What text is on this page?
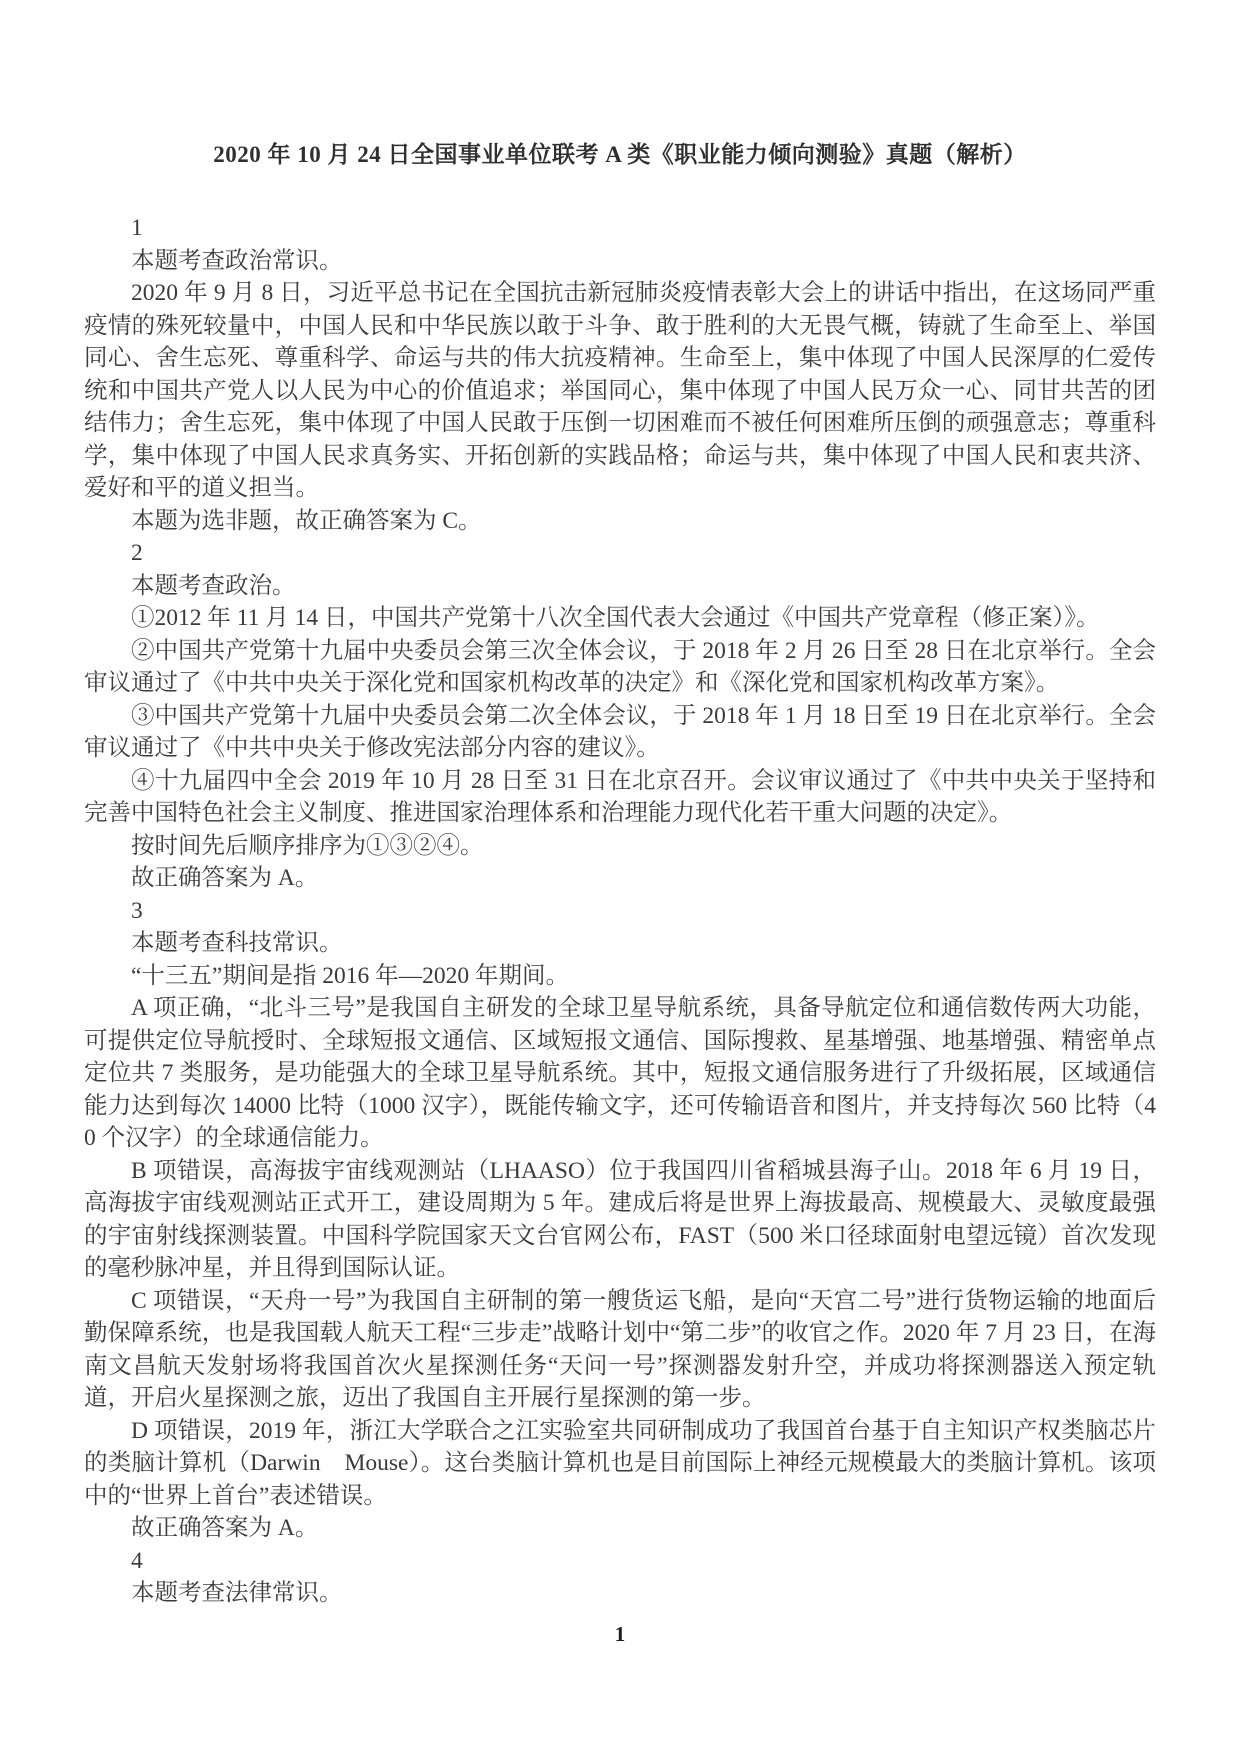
2020 年 10 月 24 日全国事业单位联考 A 类《职业能力倾向测验》真题（解析）

1

本题考查政治常识。

2020 年 9 月 8 日，习近平总书记在全国抗击新冠肺炎疫情表彰大会上的讲话中指出，在这场同严重疫情的殊死较量中，中国人民和中华民族以敢于斗争、敢于胜利的大无畏气概，铸就了生命至上、举国同心、舍生忘死、尊重科学、命运与共的伟大抗疫精神。生命至上，集中体现了中国人民深厚的仁爱传统和中国共产党人以人民为中心的价值追求；举国同心，集中体现了中国人民万众一心、同甘共苦的团结伟力；舍生忘死，集中体现了中国人民敢于压倒一切困难而不被任何困难所压倒的顽强意志；尊重科学，集中体现了中国人民求真务实、开拓创新的实践品格；命运与共，集中体现了中国人民和衷共济、爱好和平的道义担当。

本题为选非题，故正确答案为 C。

2

本题考查政治。

①2012 年 11 月 14 日，中国共产党第十八次全国代表大会通过《中国共产党章程（修正案）》。

②中国共产党第十九届中央委员会第三次全体会议，于 2018 年 2 月 26 日至 28 日在北京举行。全会审议通过了《中共中央关于深化党和国家机构改革的决定》和《深化党和国家机构改革方案》。

③中国共产党第十九届中央委员会第二次全体会议，于 2018 年 1 月 18 日至 19 日在北京举行。全会审议通过了《中共中央关于修改宪法部分内容的建议》。

④十九届四中全会 2019 年 10 月 28 日至 31 日在北京召开。会议审议通过了《中共中央关于坚持和完善中国特色社会主义制度、推进国家治理体系和治理能力现代化若干重大问题的决定》。

按时间先后顺序排序为①③②④。

故正确答案为 A。

3

本题考查科技常识。

“十三五”期间是指 2016 年—2020 年期间。

A 项正确，“北斗三号”是我国自主研发的全球卫星导航系统，具备导航定位和通信数传两大功能，可提供定位导航授时、全球短报文通信、区域短报文通信、国际搜救、星基增强、地基增强、精密单点定位共 7 类服务，是功能强大的全球卫星导航系统。其中，短报文通信服务进行了升级拓展，区域通信能力达到每次 14000 比特（1000 汉字），既能传输文字，还可传输语音和图片，并支持每次 560 比特（40 个汉字）的全球通信能力。

B 项错误，高海拔宇宙线观测站（LHAASO）位于我国四川省稻城县海子山。2018 年 6 月 19 日，高海拔宇宙线观测站正式开工，建设周期为 5 年。建成后将是世界上海拔最高、规模最大、灵敏度最强的宇宙射线探测装置。中国科学院国家天文台官网公布，FAST（500 米口径球面射电望远镜）首次发现的毫秒脉冲星，并且得到国际认证。

C 项错误，“天舟一号”为我国自主研制的第一艘货运飞船，是向“天宫二号”进行货物运输的地面后勤保障系统，也是我国载人航天工程“三步走”战略计划中“第二步”的收官之作。2020 年 7 月 23 日，在海南文昌航天发射场将我国首次火星探测任务“天问一号”探测器发射升空，并成功将探测器送入预定轨道，开启火星探测之旅，迈出了我国自主开展行星探测的第一步。

D 项错误，2019 年，浙江大学联合之江实验室共同研制成功了我国首台基于自主知识产权类脑芯片的类脑计算机（Darwin　Mouse）。这台类脑计算机也是目前国际上神经元规模最大的类脑计算机。该项中的“世界上首台”表述错误。

故正确答案为 A。

4

本题考查法律常识。

1
